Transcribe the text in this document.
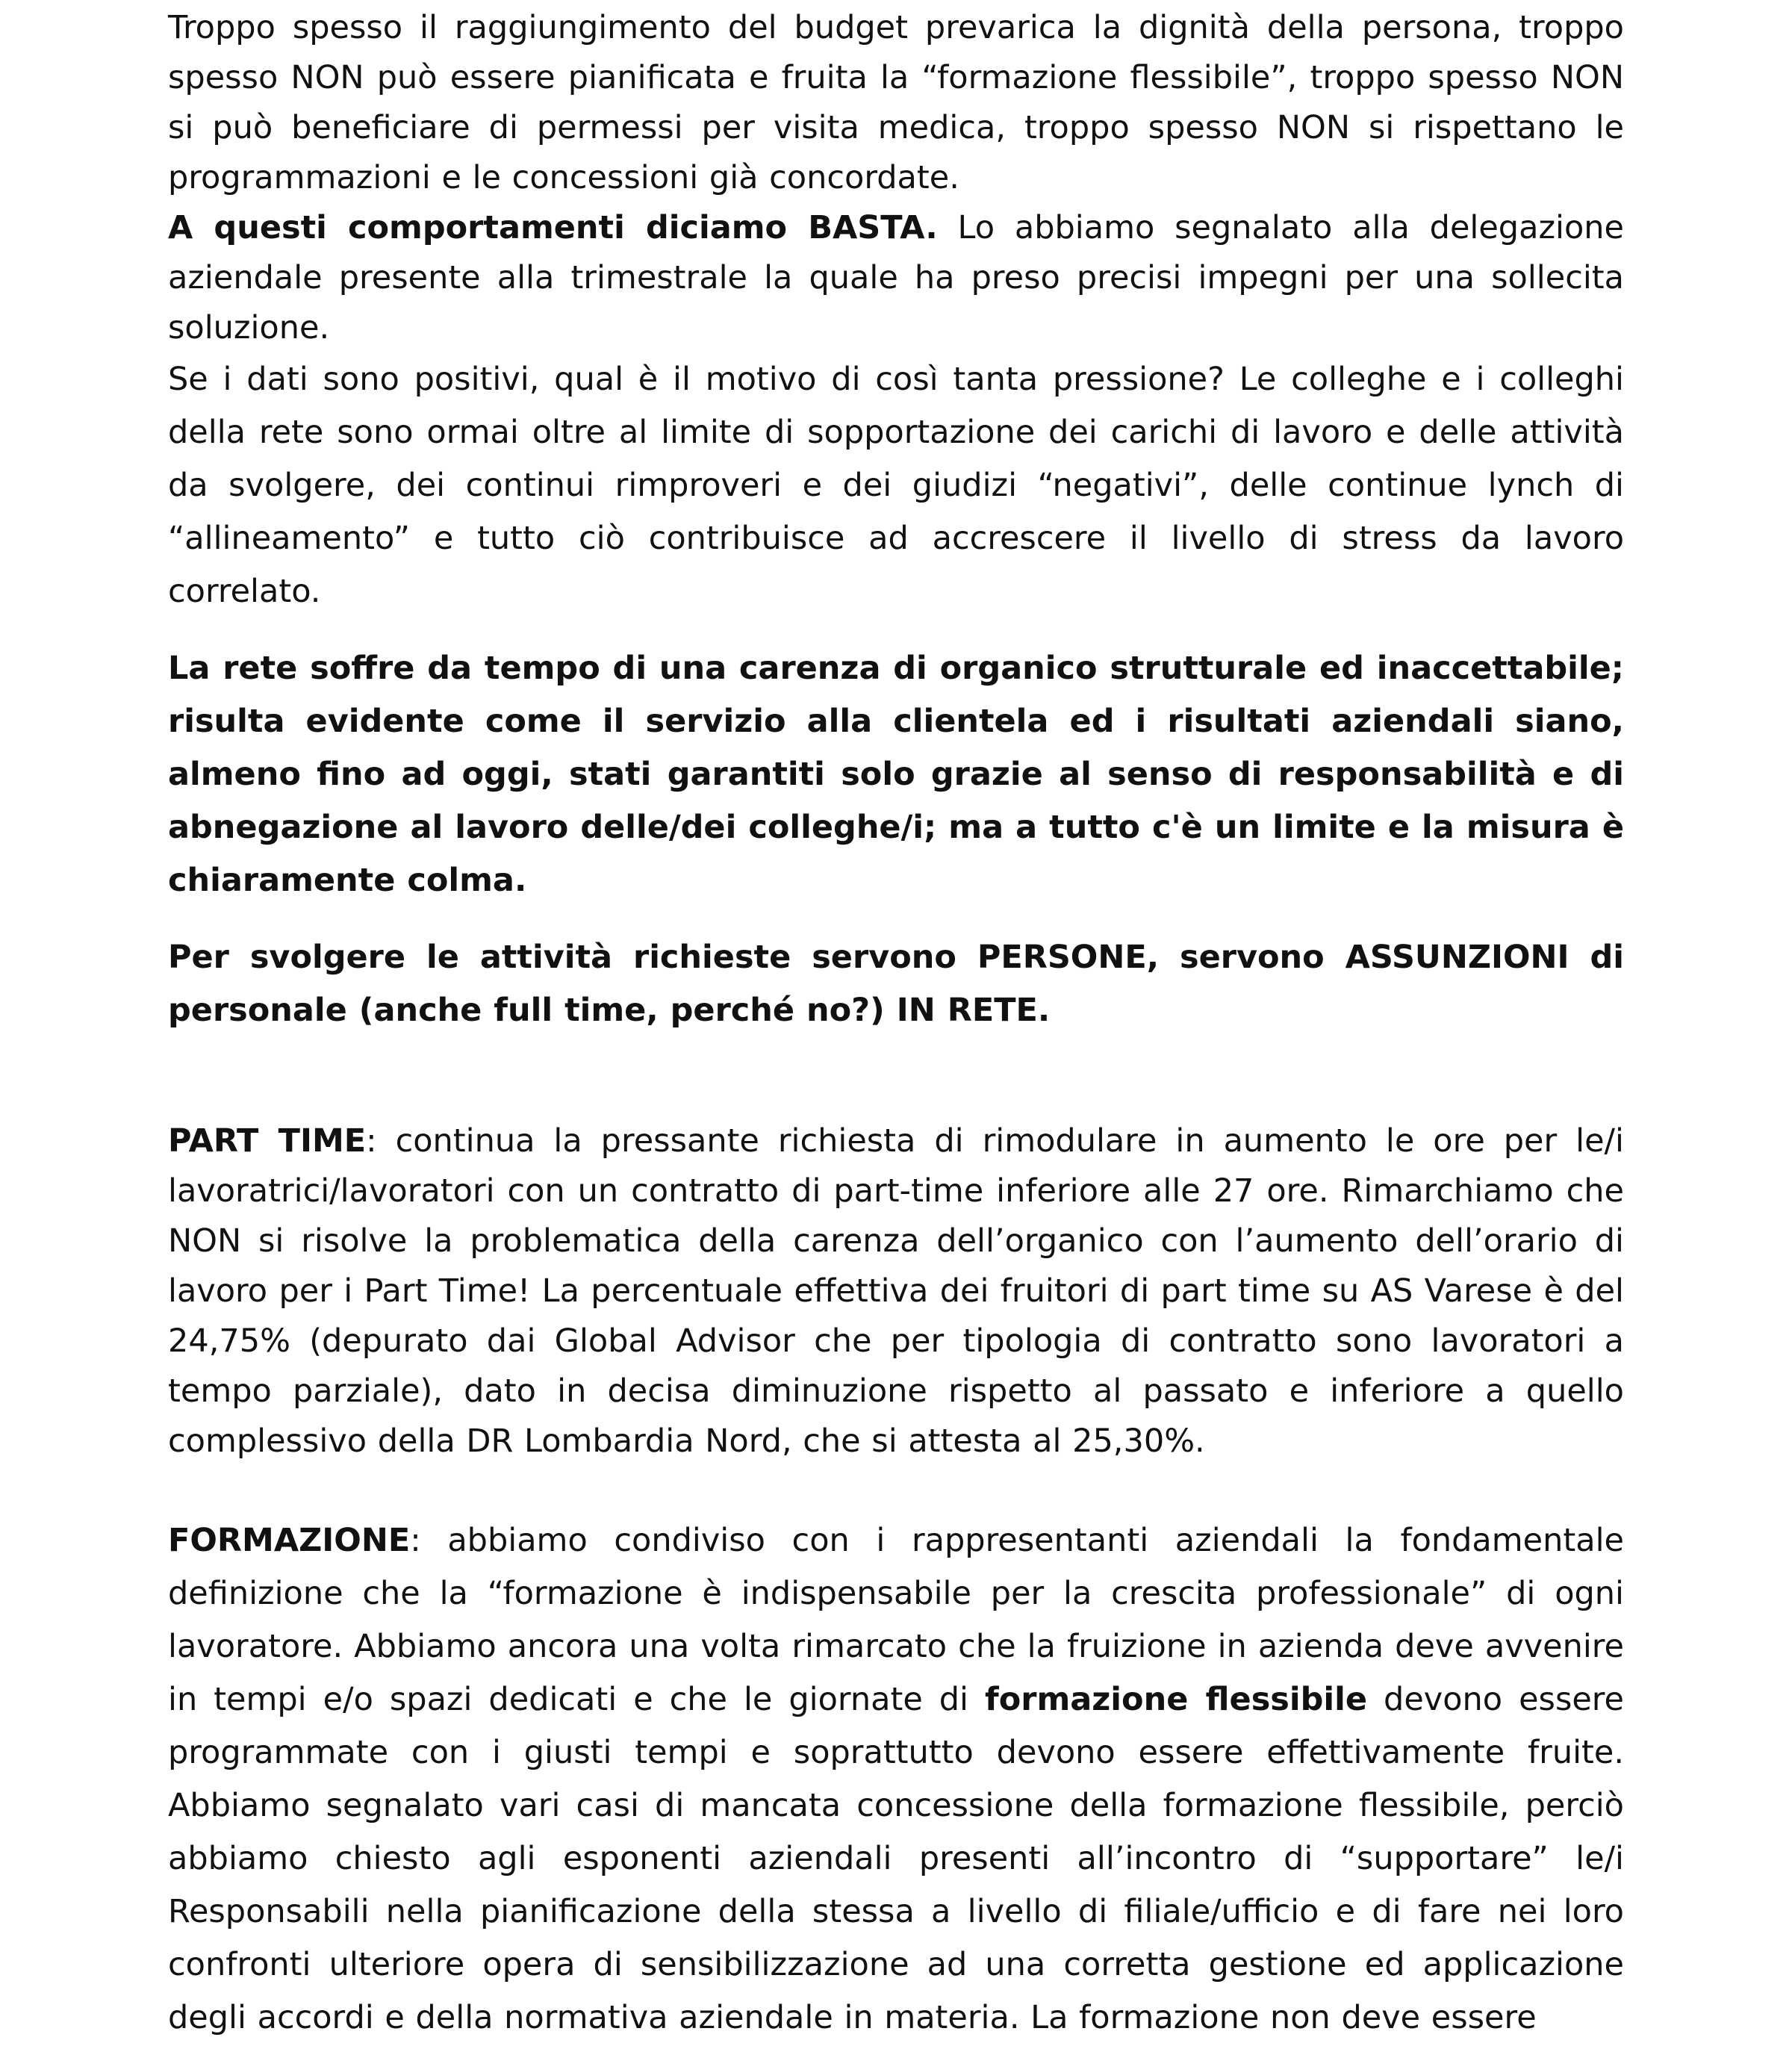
Troppo spesso il raggiungimento del budget prevarica la dignità della persona, troppo spesso NON può essere pianificata e fruita la “formazione flessibile”, troppo spesso NON si può beneficiare di permessi per visita medica, troppo spesso NON si rispettano le programmazioni e le concessioni già concordate.

A questi comportamenti diciamo BASTA. Lo abbiamo segnalato alla delegazione aziendale presente alla trimestrale la quale ha preso precisi impegni per una sollecita soluzione.

Se i dati sono positivi, qual è il motivo di così tanta pressione? Le colleghe e i colleghi della rete sono ormai oltre al limite di sopportazione dei carichi di lavoro e delle attività da svolgere, dei continui rimproveri e dei giudizi “negativi”, delle continue lynch di “allineamento” e tutto ciò contribuisce ad accrescere il livello di stress da lavoro correlato.

La rete soffre da tempo di una carenza di organico strutturale ed inaccettabile; risulta evidente come il servizio alla clientela ed i risultati aziendali siano, almeno fino ad oggi, stati garantiti solo grazie al senso di responsabilità e di abnegazione al lavoro delle/dei colleghe/i; ma a tutto c'è un limite e la misura è chiaramente colma.

Per svolgere le attività richieste servono PERSONE, servono ASSUNZIONI di personale (anche full time, perché no?) IN RETE.

PART TIME: continua la pressante richiesta di rimodulare in aumento le ore per le/i lavoratrici/lavoratori con un contratto di part-time inferiore alle 27 ore. Rimarchiamo che NON si risolve la problematica della carenza dell’organico con l’aumento dell’orario di lavoro per i Part Time! La percentuale effettiva dei fruitori di part time su AS Varese è del 24,75% (depurato dai Global Advisor che per tipologia di contratto sono lavoratori a tempo parziale), dato in decisa diminuzione rispetto al passato e inferiore a quello complessivo della DR Lombardia Nord, che si attesta al 25,30%.

FORMAZIONE: abbiamo condiviso con i rappresentanti aziendali la fondamentale definizione che la “formazione è indispensabile per la crescita professionale” di ogni lavoratore. Abbiamo ancora una volta rimarcato che la fruizione in azienda deve avvenire in tempi e/o spazi dedicati e che le giornate di formazione flessibile devono essere programmate con i giusti tempi e soprattutto devono essere effettivamente fruite. Abbiamo segnalato vari casi di mancata concessione della formazione flessibile, perciò abbiamo chiesto agli esponenti aziendali presenti all’incontro di “supportare” le/i Responsabili nella pianificazione della stessa a livello di filiale/ufficio e di fare nei loro confronti ulteriore opera di sensibilizzazione ad una corretta gestione ed applicazione degli accordi e della normativa aziendale in materia. La formazione non deve essere
